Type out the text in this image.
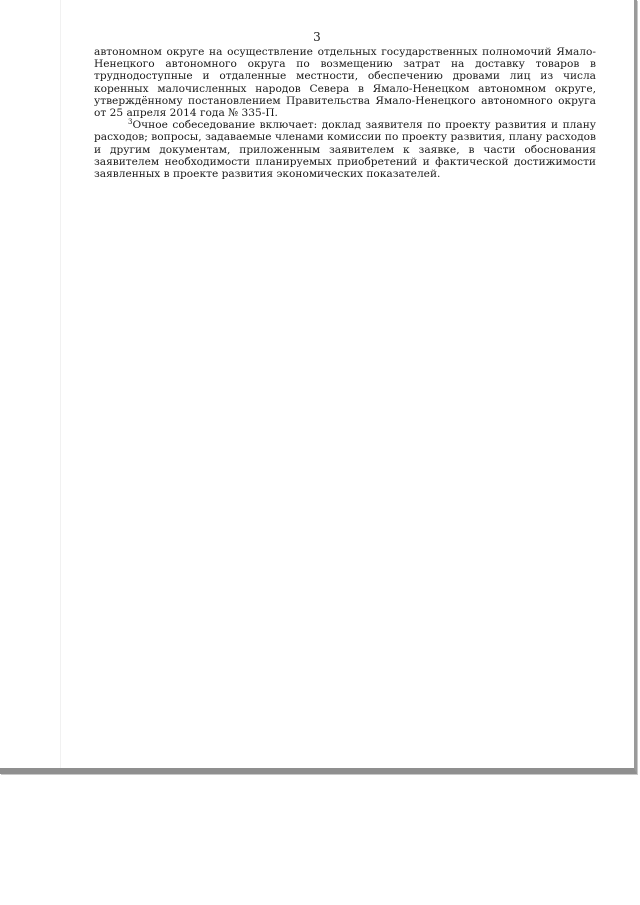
3

автономном округе на осуществление отдельных государственных полномочий Ямало-Ненецкого автономного округа по возмещению затрат на доставку товаров в труднодоступные и отдаленные местности, обеспечению дровами лиц из числа коренных малочисленных народов Севера в Ямало-Ненецком автономном округе, утверждённому постановлением Правительства Ямало-Ненецкого автономного округа от 25 апреля 2014 года № 335-П.

$^3$Очное собеседование включает: доклад заявителя по проекту развития и плану расходов; вопросы, задаваемые членами комиссии по проекту развития, плану расходов и другим документам, приложенным заявителем к заявке, в части обоснования заявителем необходимости планируемых приобретений и фактической достижимости заявленных в проекте развития экономических показателей.
